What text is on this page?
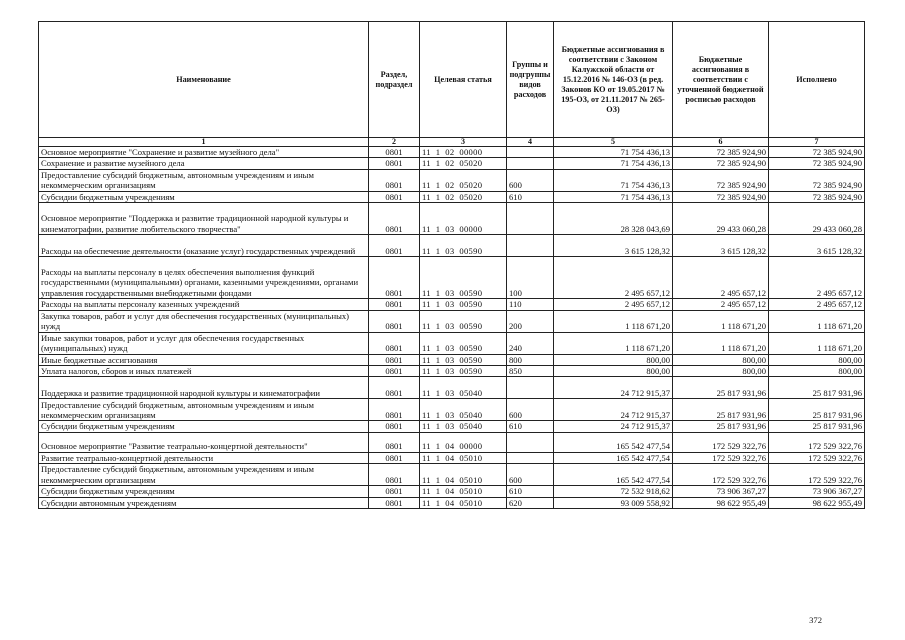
Наименование	Раздел, подраздел	Целевая статья	Группы и подгруппы видов расходов	Бюджетные ассигнования в соответствии с Законом Калужской области от 15.12.2016 № 146-ОЗ (в ред. Законов КО от 19.05.2017 № 195-ОЗ, от 21.11.2017 № 265-ОЗ)	Бюджетные ассигнования в соответствии с уточненной бюджетной росписью расходов	Исполнено
1	2	3	4	5	6	7
Основное мероприятие "Сохранение и развитие музейного дела"	0801	11  1  02  00000		71 754 436,13	72 385 924,90	72 385 924,90
Сохранение и развитие музейного дела	0801	11  1  02  05020		71 754 436,13	72 385 924,90	72 385 924,90
Предоставление субсидий бюджетным, автономным учреждениям и иным некоммерческим организациям	0801	11  1  02  05020	600	71 754 436,13	72 385 924,90	72 385 924,90
Субсидии бюджетным учреждениям	0801	11  1  02  05020	610	71 754 436,13	72 385 924,90	72 385 924,90
Основное мероприятие "Поддержка и развитие традиционной народной культуры и кинематографии, развитие любительского творчества"	0801	11  1  03  00000		28 328 043,69	29 433 060,28	29 433 060,28
Расходы на обеспечение деятельности (оказание услуг) государственных учреждений	0801	11  1  03  00590		3 615 128,32	3 615 128,32	3 615 128,32
Расходы на выплаты персоналу в целях обеспечения выполнения функций государственными (муниципальными) органами, казенными учреждениями, органами управления государственными внебюджетными фондами	0801	11  1  03  00590	100	2 495 657,12	2 495 657,12	2 495 657,12
Расходы на выплаты персоналу казенных учреждений	0801	11  1  03  00590	110	2 495 657,12	2 495 657,12	2 495 657,12
Закупка товаров, работ и услуг для обеспечения государственных (муниципальных) нужд	0801	11  1  03  00590	200	1 118 671,20	1 118 671,20	1 118 671,20
Иные закупки товаров, работ и услуг для обеспечения государственных (муниципальных) нужд	0801	11  1  03  00590	240	1 118 671,20	1 118 671,20	1 118 671,20
Иные бюджетные ассигнования	0801	11  1  03  00590	800	800,00	800,00	800,00
Уплата налогов, сборов и иных платежей	0801	11  1  03  00590	850	800,00	800,00	800,00
Поддержка и развитие традиционной народной культуры и кинематографии	0801	11  1  03  05040		24 712 915,37	25 817 931,96	25 817 931,96
Предоставление субсидий бюджетным, автономным учреждениям и иным некоммерческим организациям	0801	11  1  03  05040	600	24 712 915,37	25 817 931,96	25 817 931,96
Субсидии бюджетным учреждениям	0801	11  1  03  05040	610	24 712 915,37	25 817 931,96	25 817 931,96
Основное мероприятие "Развитие театрально-концертной деятельности"	0801	11  1  04  00000		165 542 477,54	172 529 322,76	172 529 322,76
Развитие театрально-концертной деятельности	0801	11  1  04  05010		165 542 477,54	172 529 322,76	172 529 322,76
Предоставление субсидий бюджетным, автономным учреждениям и иным некоммерческим организациям	0801	11  1  04  05010	600	165 542 477,54	172 529 322,76	172 529 322,76
Субсидии бюджетным учреждениям	0801	11  1  04  05010	610	72 532 918,62	73 906 367,27	73 906 367,27
Субсидии автономным учреждениям	0801	11  1  04  05010	620	93 009 558,92	98 622 955,49	98 622 955,49
372
